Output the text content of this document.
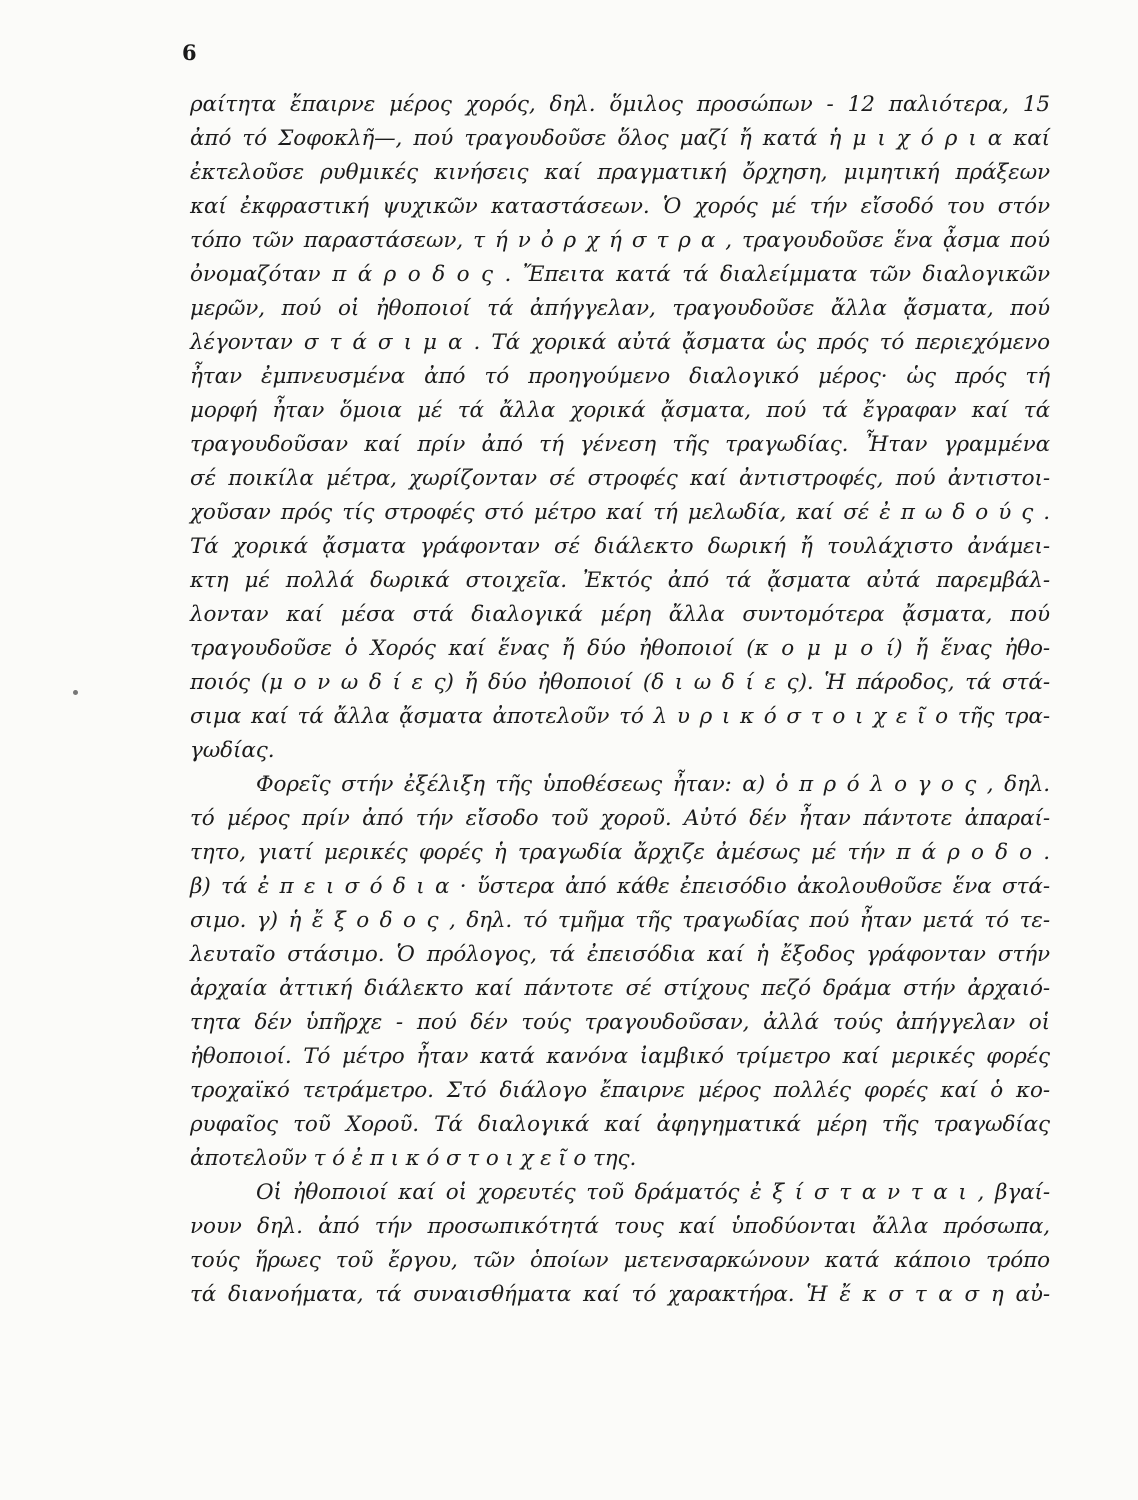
6
ραίτητα ἔπαιρνε μέρος χορός, δηλ. ὅμιλος προσώπων - 12 παλιότερα, 15
ἀπό τό Σοφοκλῆ—, πού τραγουδοῦσε ὅλος μαζί ἤ κατά ἡ μ ι χ ό ρ ι α καί
ἐκτελοῦσε ρυθμικές κινήσεις καί πραγματική ὄρχηση, μιμητική πράξεων
καί ἐκφραστική ψυχικῶν καταστάσεων. Ὁ χορός μέ τήν εἴσοδό του στόν
τόπο τῶν παραστάσεων, τ ή ν ὀ ρ χ ή σ τ ρ α , τραγουδοῦσε ἕνα ᾆσμα πού
ὀνομαζόταν π ά ρ ο δ ο ς . Ἔπειτα κατά τά διαλείμματα τῶν διαλογικῶν
μερῶν, πού οἱ ἠθοποιοί τά ἀπήγγελαν, τραγουδοῦσε ἄλλα ᾄσματα, πού
λέγονταν σ τ ά σ ι μ α . Τά χορικά αὐτά ᾄσματα ὡς πρός τό περιεχόμενο
ἦταν ἐμπνευσμένα ἀπό τό προηγούμενο διαλογικό μέρος· ὡς πρός τή
μορφή ἦταν ὅμοια μέ τά ἄλλα χορικά ᾄσματα, πού τά ἔγραφαν καί τά
τραγουδοῦσαν καί πρίν ἀπό τή γένεση τῆς τραγωδίας. Ἦταν γραμμένα
σέ ποικίλα μέτρα, χωρίζονταν σέ στροφές καί ἀντιστροφές, πού ἀντιστοι-
χοῦσαν πρός τίς στροφές στό μέτρο καί τή μελωδία, καί σέ ἐ π ω δ ο ύ ς .
Τά χορικά ᾄσματα γράφονταν σέ διάλεκτο δωρική ἤ τουλάχιστο ἀνάμει-
κτη μέ πολλά δωρικά στοιχεῖα. Ἐκτός ἀπό τά ᾄσματα αὐτά παρεμβάλ-
λονταν καί μέσα στά διαλογικά μέρη ἄλλα συντομότερα ᾄσματα, πού
τραγουδοῦσε ὁ Χορός καί ἕνας ἤ δύο ἠθοποιοί (κ ο μ μ ο ί) ἤ ἕνας ἠθο-
ποιός (μ ο ν ω δ ί ε ς) ἤ δύο ἠθοποιοί (δ ι ω δ ί ε ς). Ἡ πάροδος, τά στά-
σιμα καί τά ἄλλα ᾄσματα ἀποτελοῦν τό λ υ ρ ι κ ό σ τ ο ι χ ε ῖ ο τῆς τρα-
γωδίας.
Φορεῖς στήν ἐξέλιξη τῆς ὑποθέσεως ἦταν: α) ὁ π ρ ό λ ο γ ο ς , δηλ.
τό μέρος πρίν ἀπό τήν εἴσοδο τοῦ χοροῦ. Αὐτό δέν ἦταν πάντοτε ἀπαραί-
τητο, γιατί μερικές φορές ἡ τραγωδία ἄρχιζε ἀμέσως μέ τήν π ά ρ ο δ ο .
β) τά ἐ π ε ι σ ό δ ι α · ὕστερα ἀπό κάθε ἐπεισόδιο ἀκολουθοῦσε ἕνα στά-
σιμο. γ) ἡ ἔ ξ ο δ ο ς , δηλ. τό τμῆμα τῆς τραγωδίας πού ἦταν μετά τό τε-
λευταῖο στάσιμο. Ὁ πρόλογος, τά ἐπεισόδια καί ἡ ἔξοδος γράφονταν στήν
ἀρχαία ἀττική διάλεκτο καί πάντοτε σέ στίχους πεζό δράμα στήν ἀρχαιό-
τητα δέν ὑπῆρχε - πού δέν τούς τραγουδοῦσαν, ἀλλά τούς ἀπήγγελαν οἱ
ἠθοποιοί. Τό μέτρο ἦταν κατά κανόνα ἰαμβικό τρίμετρο καί μερικές φορές
τροχαϊκό τετράμετρο. Στό διάλογο ἔπαιρνε μέρος πολλές φορές καί ὁ κο-
ρυφαῖος τοῦ Χοροῦ. Τά διαλογικά καί ἀφηγηματικά μέρη τῆς τραγωδίας
ἀποτελοῦν τ ό ἐ π ι κ ό σ τ ο ι χ ε ῖ ο της.
Οἱ ἠθοποιοί καί οἱ χορευτές τοῦ δράματός ἐ ξ ί σ τ α ν τ α ι , βγαί-
νουν δηλ. ἀπό τήν προσωπικότητά τους καί ὑποδύονται ἄλλα πρόσωπα,
τούς ἥρωες τοῦ ἔργου, τῶν ὁποίων μετενσαρκώνουν κατά κάποιο τρόπο
τά διανοήματα, τά συναισθήματα καί τό χαρακτήρα. Ἡ ἔ κ σ τ α σ η αὐ-
